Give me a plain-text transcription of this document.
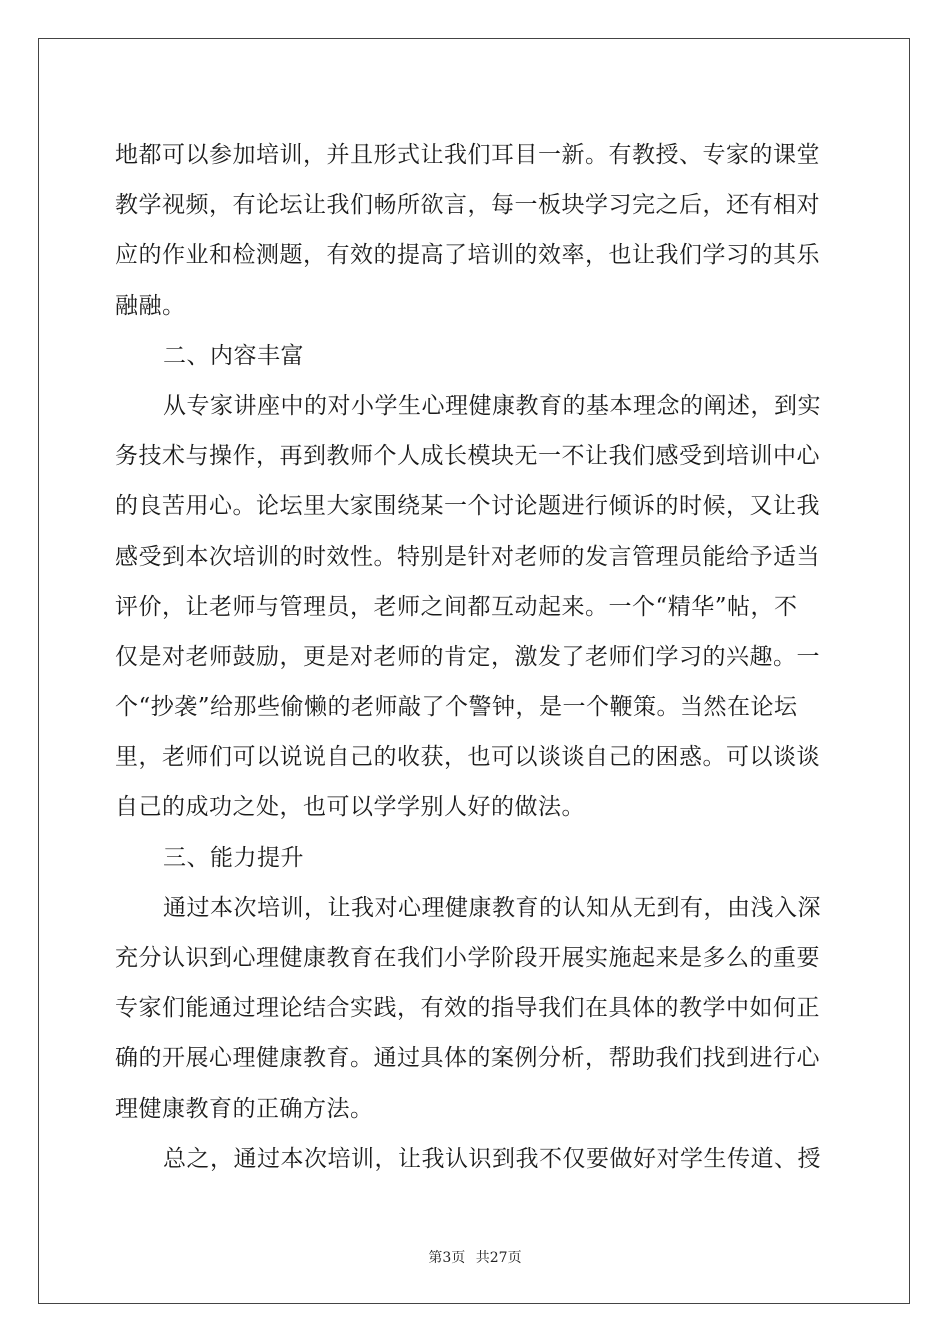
地都可以参加培训，并且形式让我们耳目一新。有教授、专家的课堂
教学视频，有论坛让我们畅所欲言，每一板块学习完之后，还有相对
应的作业和检测题，有效的提高了培训的效率，也让我们学习的其乐
融融。
二、内容丰富
从专家讲座中的对小学生心理健康教育的基本理念的阐述，到实
务技术与操作，再到教师个人成长模块无一不让我们感受到培训中心
的良苦用心。论坛里大家围绕某一个讨论题进行倾诉的时候，又让我
感受到本次培训的时效性。特别是针对老师的发言管理员能给予适当
评价，让老师与管理员，老师之间都互动起来。一个“精华”帖，不
仅是对老师鼓励，更是对老师的肯定，激发了老师们学习的兴趣。一
个“抄袭”给那些偷懒的老师敲了个警钟，是一个鞭策。当然在论坛
里，老师们可以说说自己的收获，也可以谈谈自己的困惑。可以谈谈
自己的成功之处，也可以学学别人好的做法。
三、能力提升
通过本次培训，让我对心理健康教育的认知从无到有，由浅入深
充分认识到心理健康教育在我们小学阶段开展实施起来是多么的重要
专家们能通过理论结合实践，有效的指导我们在具体的教学中如何正
确的开展心理健康教育。通过具体的案例分析，帮助我们找到进行心
理健康教育的正确方法。
总之，通过本次培训，让我认识到我不仅要做好对学生传道、授
第3页 共27页
